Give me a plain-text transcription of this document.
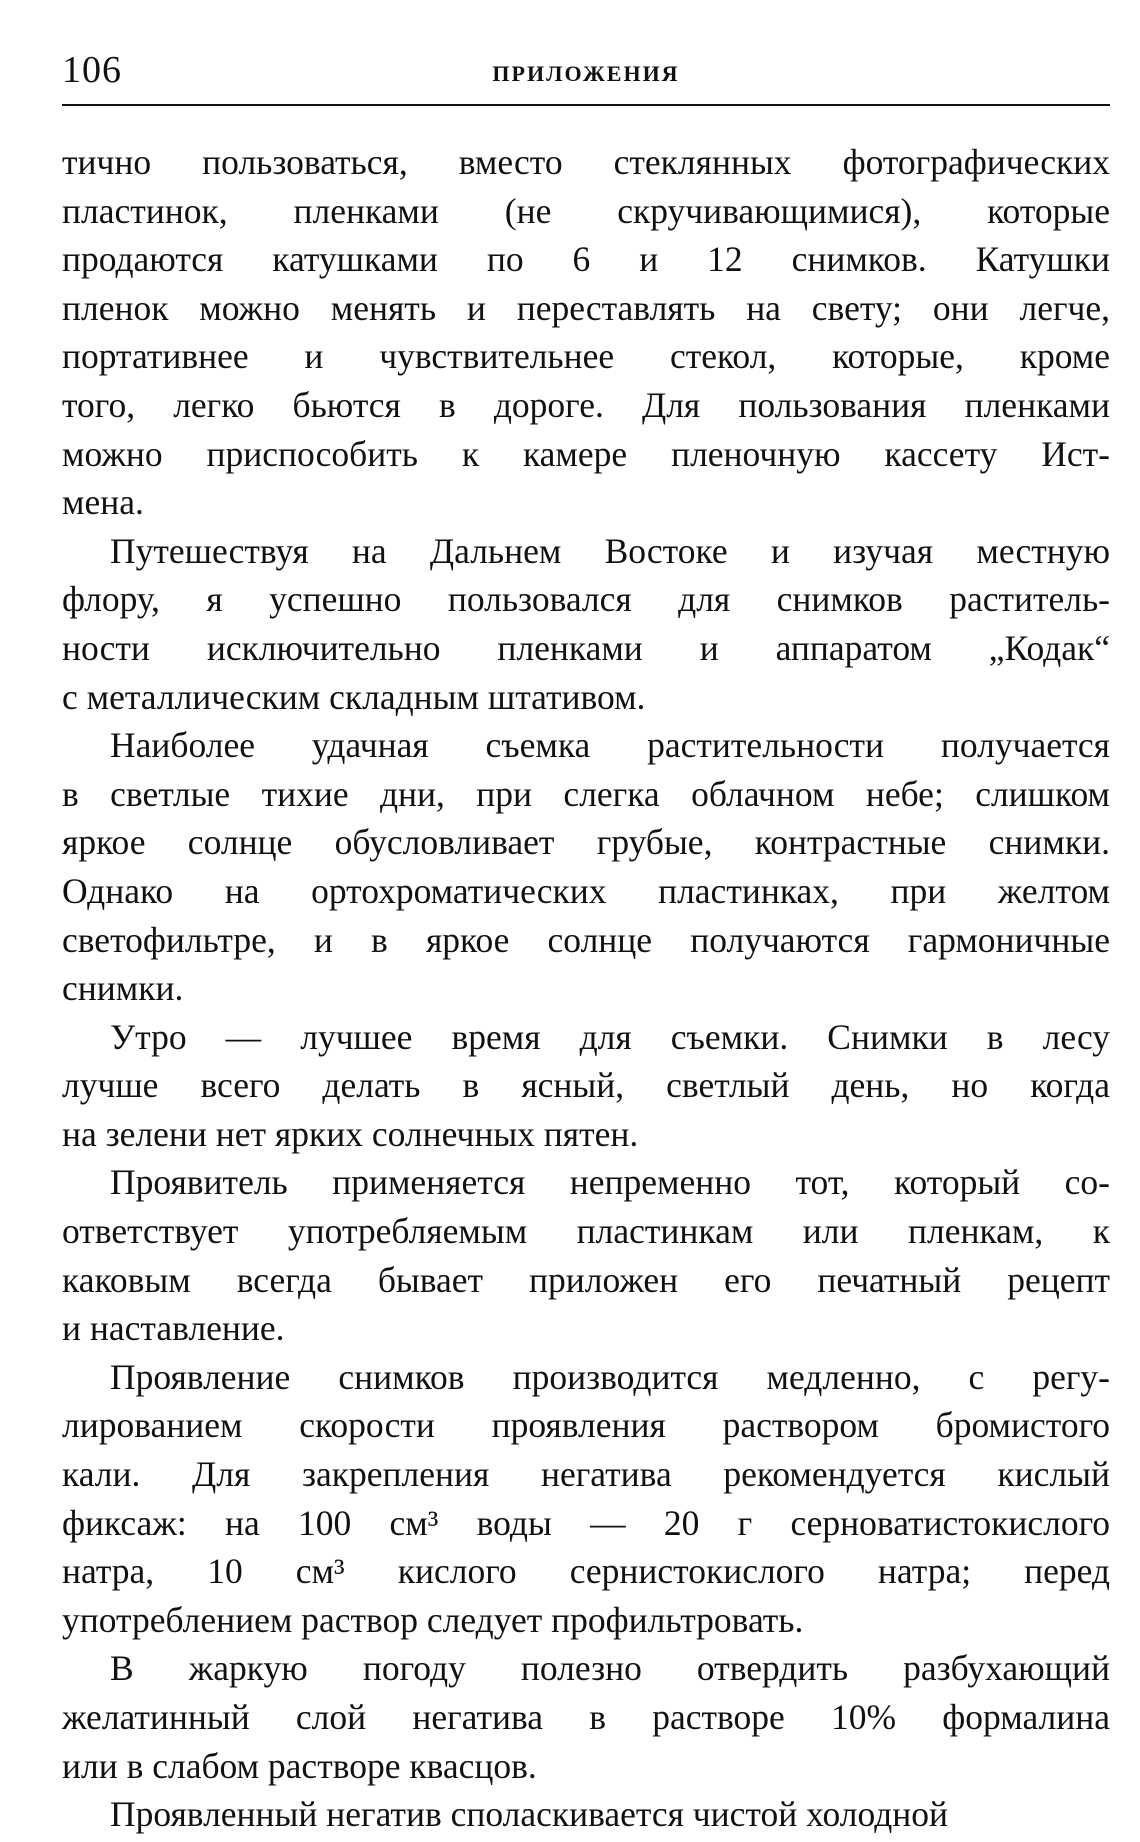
106	ПРИЛОЖЕНИЯ
тично пользоваться, вместо стеклянных фотографических
пластинок, пленками (не скручивающимися), которые
продаются катушками по 6 и 12 снимков. Катушки
пленок можно менять и переставлять на свету; они легче,
портативнее и чувствительнее стекол, которые, кроме
того, легко бьются в дороге. Для пользования пленками
можно приспособить к камере пленочную кассету Ист-
мена.
Путешествуя на Дальнем Востоке и изучая местную
флору, я успешно пользовался для снимков раститель-
ности исключительно пленками и аппаратом „Кодак“
с металлическим складным штативом.
Наиболее удачная съемка растительности получается
в светлые тихие дни, при слегка облачном небе; слишком
яркое солнце обусловливает грубые, контрастные снимки.
Однако на ортохроматических пластинках, при желтом
светофильтре, и в яркое солнце получаются гармоничные
снимки.
Утро — лучшее время для съемки. Снимки в лесу
лучше всего делать в ясный, светлый день, но когда
на зелени нет ярких солнечных пятен.
Проявитель применяется непременно тот, который со-
ответствует употребляемым пластинкам или пленкам, к
каковым всегда бывает приложен его печатный рецепт
и наставление.
Проявление снимков производится медленно, с регу-
лированием скорости проявления раствором бромистого
кали. Для закрепления негатива рекомендуется кислый
фиксаж: на 100 см³ воды — 20 г серноватистокислого
натра, 10 см³ кислого сернистокислого натра; перед
употреблением раствор следует профильтровать.
В жаркую погоду полезно отвердить разбухающий
желатинный слой негатива в растворе 10% формалина
или в слабом растворе квасцов.
Проявленный негатив споласкивается чистой холодной
